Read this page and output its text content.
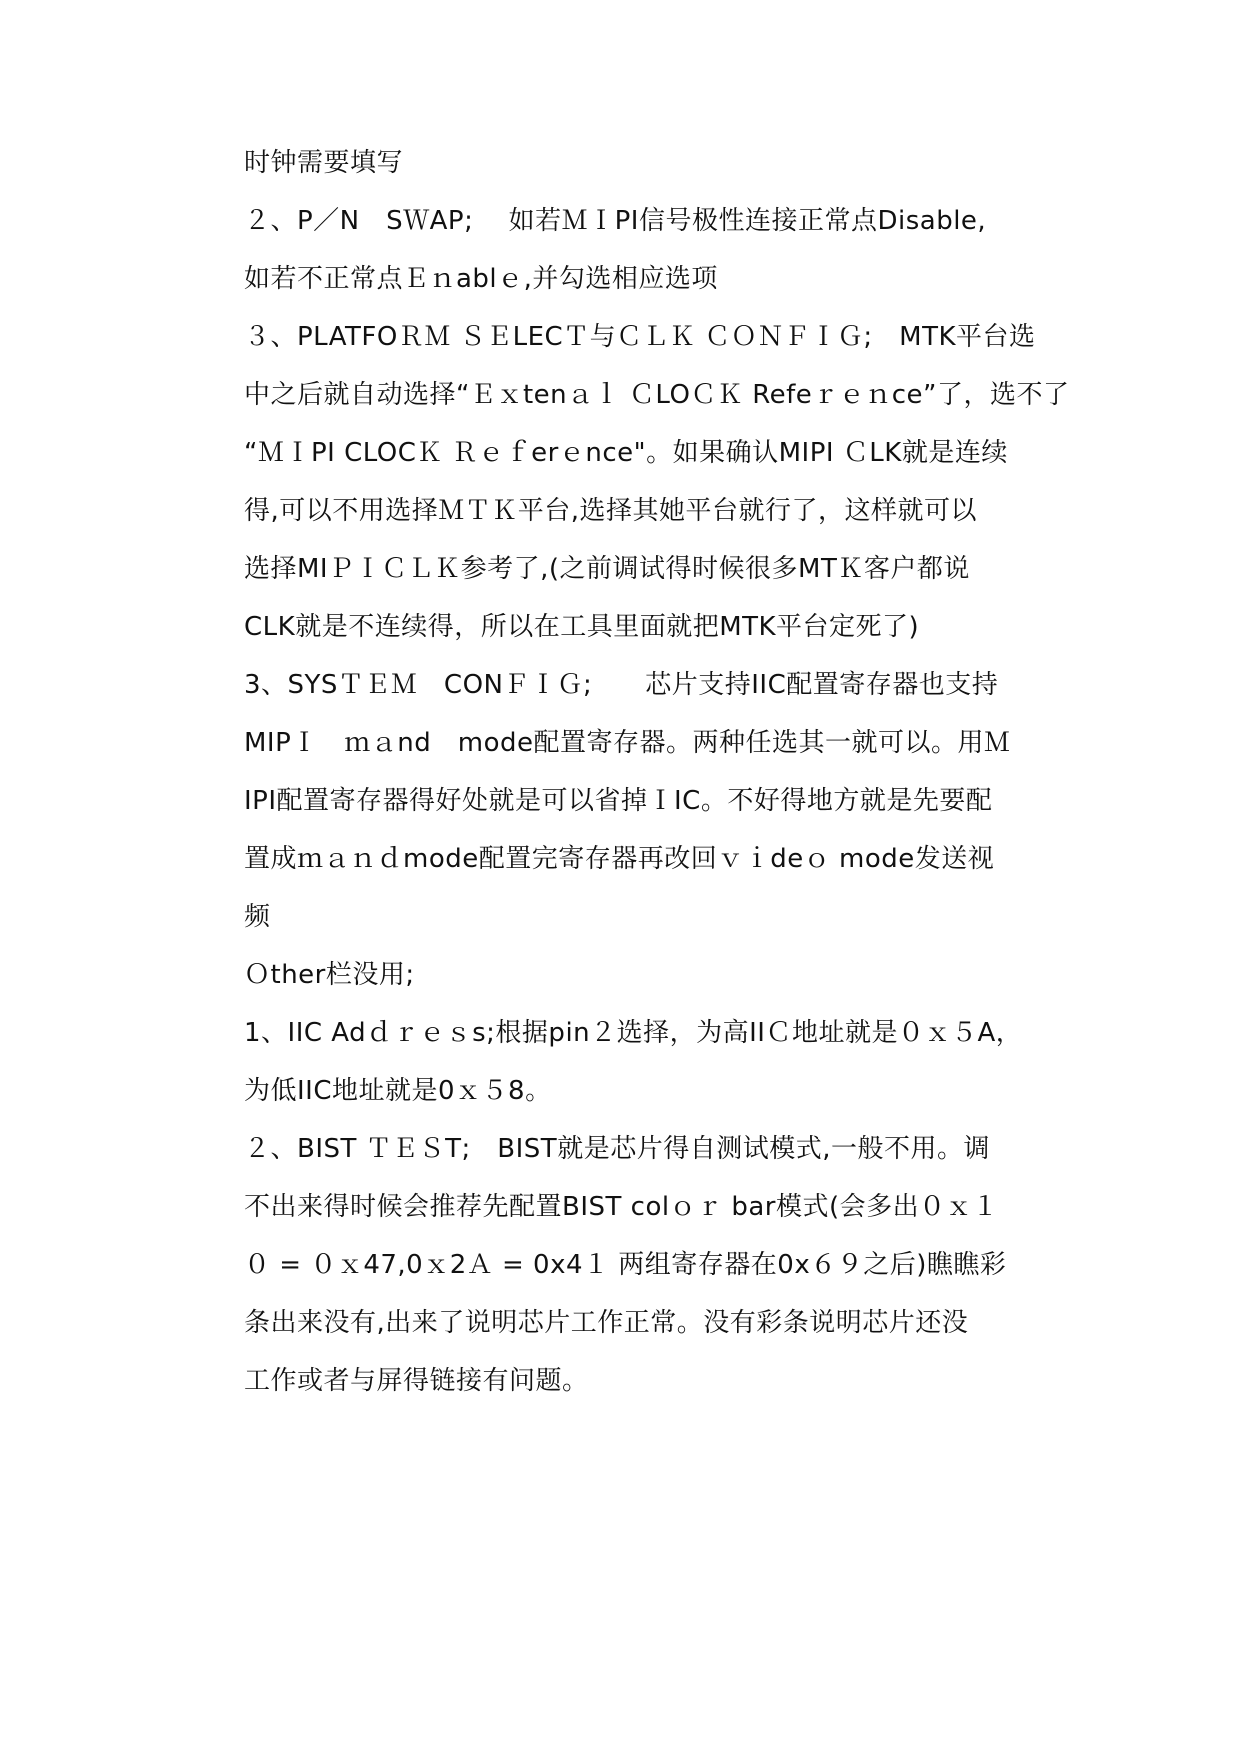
时钟需要填写
２、P／N　SＷAP;　 如若ＭＩPI信号极性连接正常点Disable,
如若不正常点Ｅｎablｅ,并勾选相应选项
３、PLATFOＲＭ ＳＥLECＴ与ＣＬＫ ＣＯＮＦＩＧ;　MTK平台选
中之后就自动选择“Ｅｘtenａｌ ＣLOＣＫ Refeｒｅｎce”了，选不了
“ＭＩPI CLOCＫ Ｒｅｆerｅnce"。如果确认MIPI ＣLK就是连续
得,可以不用选择ＭＴＫ平台,选择其她平台就行了，这样就可以
选择MIＰＩＣＬＫ参考了,(之前调试得时候很多MTＫ客户都说
CLK就是不连续得，所以在工具里面就把MTK平台定死了)
3、SYSＴＥＭ　CONＦＩＧ;　　芯片支持IIC配置寄存器也支持
MIPＩ　ｍａnd　mode配置寄存器。两种任选其一就可以。用Ｍ
IPI配置寄存器得好处就是可以省掉ＩIC。不好得地方就是先要配
置成ｍａｎｄmode配置完寄存器再改回ｖｉdeｏ mode发送视
频
Ｏther栏没用;
1、IIC Adｄｒｅｓs;根据pin２选择，为高IIＣ地址就是０ｘ５A，
为低IIC地址就是0ｘ５8。
２、BIST ＴＥＳT;　BIST就是芯片得自测试模式,一般不用。调
不出来得时候会推荐先配置BIST colｏｒ bar模式(会多出０ｘ１
０ = ０ｘ47,0ｘ2Ａ = 0x4１ 两组寄存器在0x６９之后)瞧瞧彩
条出来没有,出来了说明芯片工作正常。没有彩条说明芯片还没
工作或者与屏得链接有问题。
